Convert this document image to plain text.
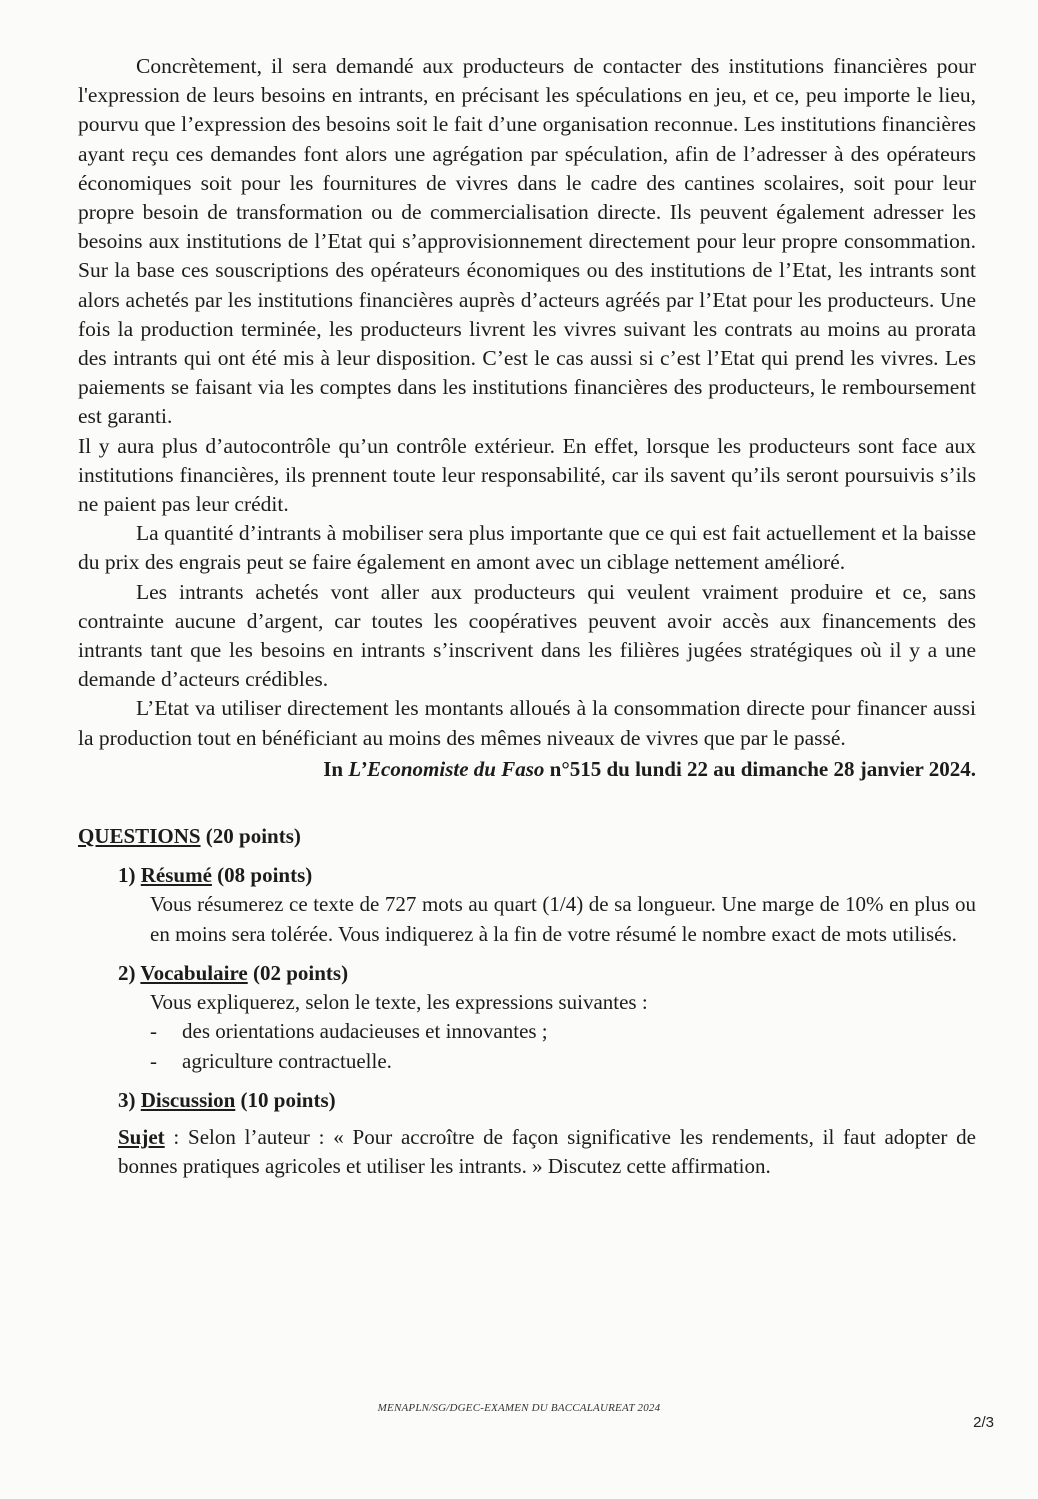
Concrètement, il sera demandé aux producteurs de contacter des institutions financières pour l'expression de leurs besoins en intrants, en précisant les spéculations en jeu, et ce, peu importe le lieu, pourvu que l’expression des besoins soit le fait d’une organisation reconnue. Les institutions financières ayant reçu ces demandes font alors une agrégation par spéculation, afin de l’adresser à des opérateurs économiques soit pour les fournitures de vivres dans le cadre des cantines scolaires, soit pour leur propre besoin de transformation ou de commercialisation directe. Ils peuvent également adresser les besoins aux institutions de l’Etat qui s’approvisionnement directement pour leur propre consommation. Sur la base ces souscriptions des opérateurs économiques ou des institutions de l’Etat, les intrants sont alors achetés par les institutions financières auprès d’acteurs agréés par l’Etat pour les producteurs. Une fois la production terminée, les producteurs livrent les vivres suivant les contrats au moins au prorata des intrants qui ont été mis à leur disposition. C’est le cas aussi si c’est l’Etat qui prend les vivres. Les paiements se faisant via les comptes dans les institutions financières des producteurs, le remboursement est garanti.

Il y aura plus d’autocontrôle qu’un contrôle extérieur. En effet, lorsque les producteurs sont face aux institutions financières, ils prennent toute leur responsabilité, car ils savent qu’ils seront poursuivis s’ils ne paient pas leur crédit.

La quantité d’intrants à mobiliser sera plus importante que ce qui est fait actuellement et la baisse du prix des engrais peut se faire également en amont avec un ciblage nettement amélioré.

Les intrants achetés vont aller aux producteurs qui veulent vraiment produire et ce, sans contrainte aucune d’argent, car toutes les coopératives peuvent avoir accès aux financements des intrants tant que les besoins en intrants s’inscrivent dans les filières jugées stratégiques où il y a une demande d’acteurs crédibles.

L’Etat va utiliser directement les montants alloués à la consommation directe pour financer aussi la production tout en bénéficiant au moins des mêmes niveaux de vivres que par le passé.

In L’Economiste du Faso n°515 du lundi 22 au dimanche 28 janvier 2024.
QUESTIONS (20 points)
1) Résumé (08 points)
Vous résumerez ce texte de 727 mots au quart (1/4) de sa longueur. Une marge de 10% en plus ou en moins sera tolérée. Vous indiquerez à la fin de votre résumé le nombre exact de mots utilisés.
2) Vocabulaire (02 points)
Vous expliquerez, selon le texte, les expressions suivantes :
- des orientations audacieuses et innovantes ;
- agriculture contractuelle.
3) Discussion (10 points)
Sujet : Selon l’auteur : « Pour accroître de façon significative les rendements, il faut adopter de bonnes pratiques agricoles et utiliser les intrants. » Discutez cette affirmation.
MENAPLN/SG/DGEC-EXAMEN DU BACCALAUREAT 2024
2/3
